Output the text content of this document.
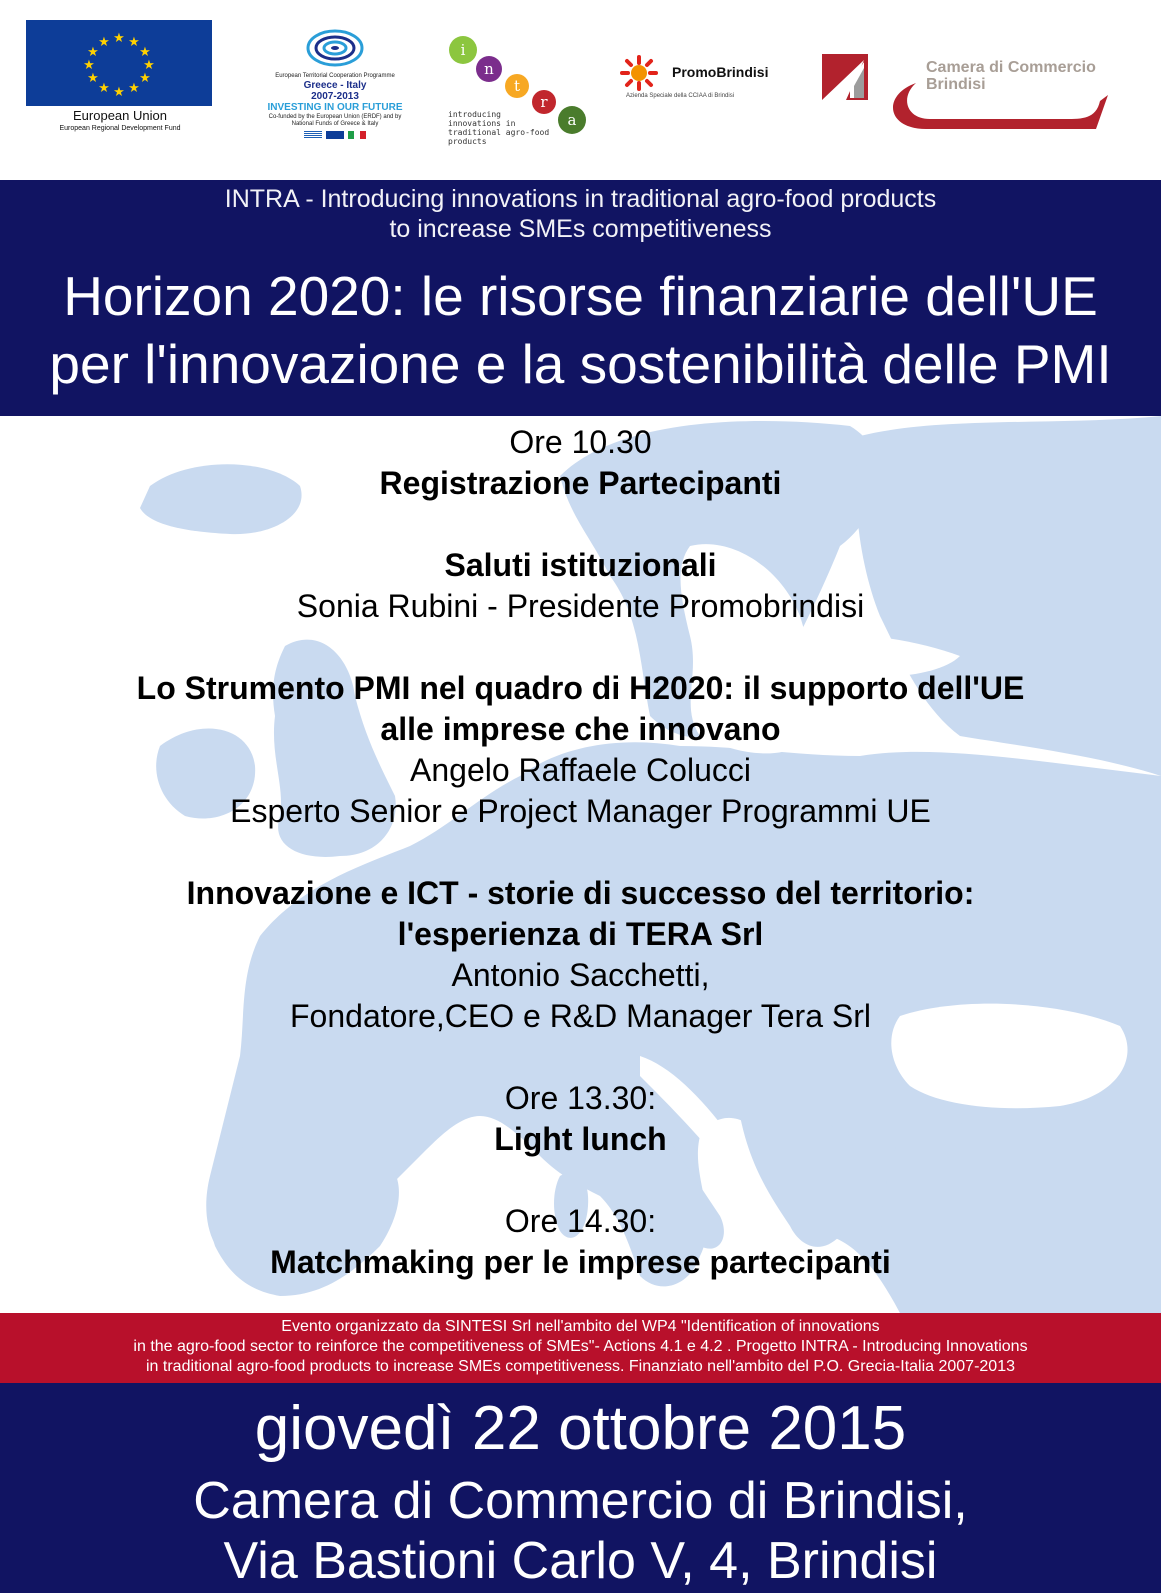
★ ★
★
★
★
★
★
★
★
★
★
★
European Union
European Regional Development Fund
European Territorial Cooperation Programme
Greece - Italy
2007-2013
INVESTING IN OUR FUTURE
Co-funded by the European Union (ERDF) and by National Funds of Greece & Italy
i
n
t
r
a
introducing innovations in traditional agro-food products
PromoBrindisi
Azienda Speciale della CCIAA di Brindisi
Camera di Commercio
Brindisi
INTRA - Introducing innovations in traditional agro-food products
to increase SMEs competitiveness
Horizon 2020: le risorse finanziarie dell'UE
per l'innovazione e la sostenibilità delle PMI
Ore 10.30
Registrazione Partecipanti
Saluti istituzionali
Sonia Rubini - Presidente Promobrindisi
Lo Strumento PMI nel quadro di H2020: il supporto dell'UE
alle imprese che innovano
Angelo Raffaele Colucci
Esperto Senior e Project Manager Programmi UE
Innovazione e ICT - storie di successo del territorio:
l'esperienza di TERA Srl
Antonio Sacchetti,
Fondatore,CEO e R&D Manager Tera Srl
Ore 13.30:
Light lunch
Ore 14.30:
Matchmaking per le imprese partecipanti
Evento organizzato da SINTESI Srl nell'ambito del WP4 "Identification of innovations
in the agro-food sector to reinforce the competitiveness of SMEs"- Actions 4.1 e 4.2 . Progetto INTRA - Introducing Innovations
in traditional agro-food products to increase SMEs competitiveness. Finanziato nell'ambito del P.O. Grecia-Italia 2007-2013
giovedì 22 ottobre 2015
Camera di Commercio di Brindisi,
Via Bastioni Carlo V, 4, Brindisi
